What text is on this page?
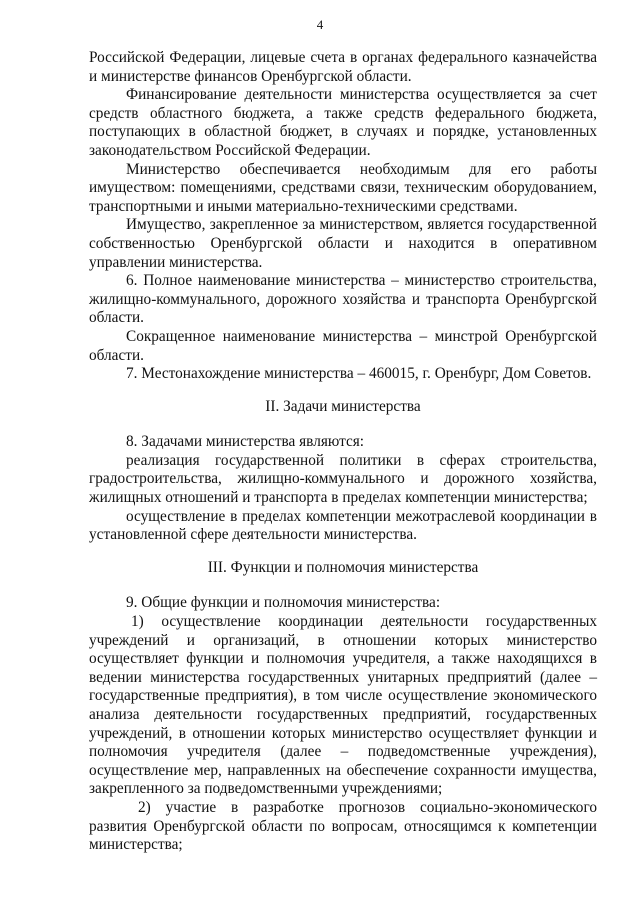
4

Российской Федерации, лицевые счета в органах федерального казначейства и министерстве финансов Оренбургской области.

Финансирование деятельности министерства осуществляется за счет средств областного бюджета, а также средств федерального бюджета, поступающих в областной бюджет, в случаях и порядке, установленных законодательством Российской Федерации.

Министерство обеспечивается необходимым для его работы имуществом: помещениями, средствами связи, техническим оборудованием, транспортными и иными материально-техническими средствами.

Имущество, закрепленное за министерством, является государственной собственностью Оренбургской области и находится в оперативном управлении министерства.

6. Полное наименование министерства – министерство строительства, жилищно-коммунального, дорожного хозяйства и транспорта Оренбургской области.

Сокращенное наименование министерства – минстрой Оренбургской области.

7. Местонахождение министерства – 460015, г. Оренбург, Дом Советов.

II. Задачи министерства

8. Задачами министерства являются:

реализация государственной политики в сферах строительства, градостроительства, жилищно-коммунального и дорожного хозяйства, жилищных отношений и транспорта в пределах компетенции министерства;

осуществление в пределах компетенции межотраслевой координации в установленной сфере деятельности министерства.

III. Функции и полномочия министерства

9. Общие функции и полномочия министерства:

1) осуществление координации деятельности государственных учреждений и организаций, в отношении которых министерство осуществляет функции и полномочия учредителя, а также находящихся в ведении министерства государственных унитарных предприятий (далее – государственные предприятия), в том числе осуществление экономического анализа деятельности государственных предприятий, государственных учреждений, в отношении которых министерство осуществляет функции и полномочия учредителя (далее – подведомственные учреждения), осуществление мер, направленных на обеспечение сохранности имущества, закрепленного за подведомственными учреждениями;

2) участие в разработке прогнозов социально-экономического развития Оренбургской области по вопросам, относящимся к компетенции министерства;
